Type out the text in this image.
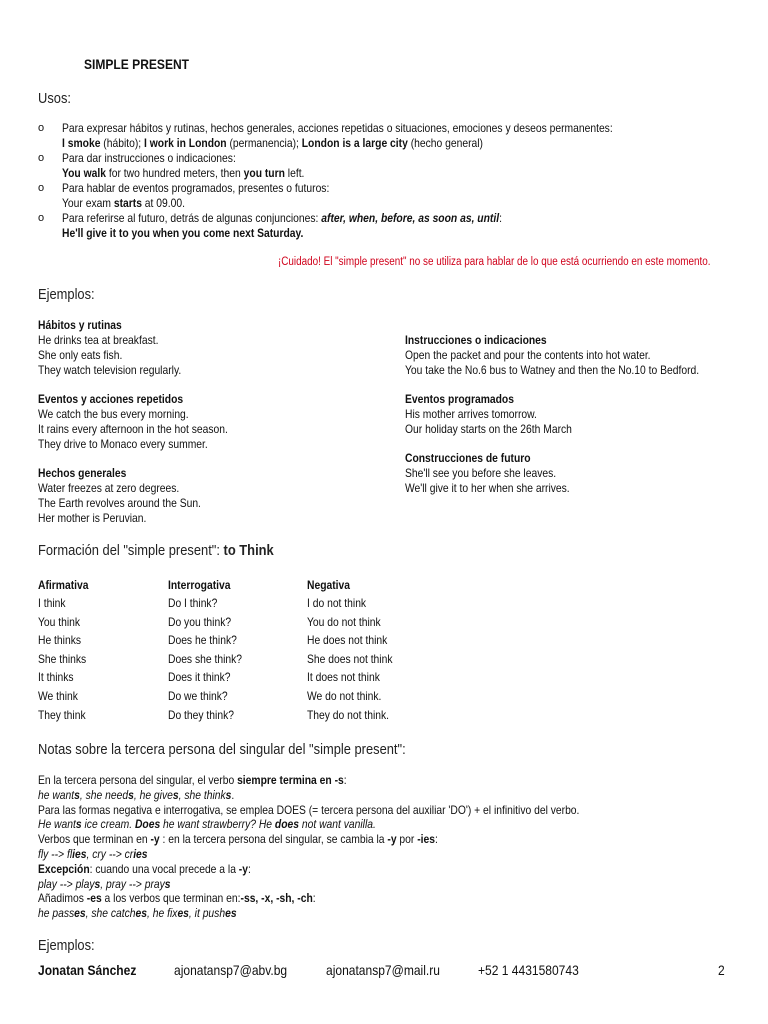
SIMPLE PRESENT
Usos:
o Para expresar hábitos y rutinas, hechos generales, acciones repetidas o situaciones, emociones y deseos permanentes:
I smoke (hábito); I work in London (permanencia); London is a large city (hecho general)
o Para dar instrucciones o indicaciones:
You walk for two hundred meters, then you turn left.
o Para hablar de eventos programados, presentes o futuros:
Your exam starts at 09.00.
o Para referirse al futuro, detrás de algunas conjunciones: after, when, before, as soon as, until:
He'll give it to you when you come next Saturday.
¡Cuidado! El "simple present" no se utiliza para hablar de lo que está ocurriendo en este momento.
Ejemplos:
Hábitos y rutinas
He drinks tea at breakfast.
She only eats fish.
They watch television regularly.
Eventos y acciones repetidos
We catch the bus every morning.
It rains every afternoon in the hot season.
They drive to Monaco every summer.
Hechos generales
Water freezes at zero degrees.
The Earth revolves around the Sun.
Her mother is Peruvian.
Instrucciones o indicaciones
Open the packet and pour the contents into hot water.
You take the No.6 bus to Watney and then the No.10 to Bedford.
Eventos programados
His mother arrives tomorrow.
Our holiday starts on the 26th March
Construcciones de futuro
She'll see you before she leaves.
We'll give it to her when she arrives.
Formación del "simple present": to Think
Afirmativa	Interrogativa	Negativa
I think	Do I think?	I do not think
You think	Do you think?	You do not think
He thinks	Does he think?	He does not think
She thinks	Does she think?	She does not think
It thinks	Does it think?	It does not think
We think	Do we think?	We do not think.
They think	Do they think?	They do not think.
Notas sobre la tercera persona del singular del "simple present":
En la tercera persona del singular, el verbo siempre termina en -s:
he wants, she needs, he gives, she thinks.
Para las formas negativa e interrogativa, se emplea DOES (= tercera persona del auxiliar 'DO') + el infinitivo del verbo.
He wants ice cream. Does he want strawberry? He does not want vanilla.
Verbos que terminan en -y : en la tercera persona del singular, se cambia la -y por -ies:
fly --> flies, cry --> cries
Excepción: cuando una vocal precede a la -y:
play --> plays, pray --> prays
Añadimos -es a los verbos que terminan en:-ss, -x, -sh, -ch:
he passes, she catches, he fixes, it pushes
Ejemplos:
Jonatan Sánchez	ajonatansp7@abv.bg	ajonatansp7@mail.ru	+52 1 4431580743	2
